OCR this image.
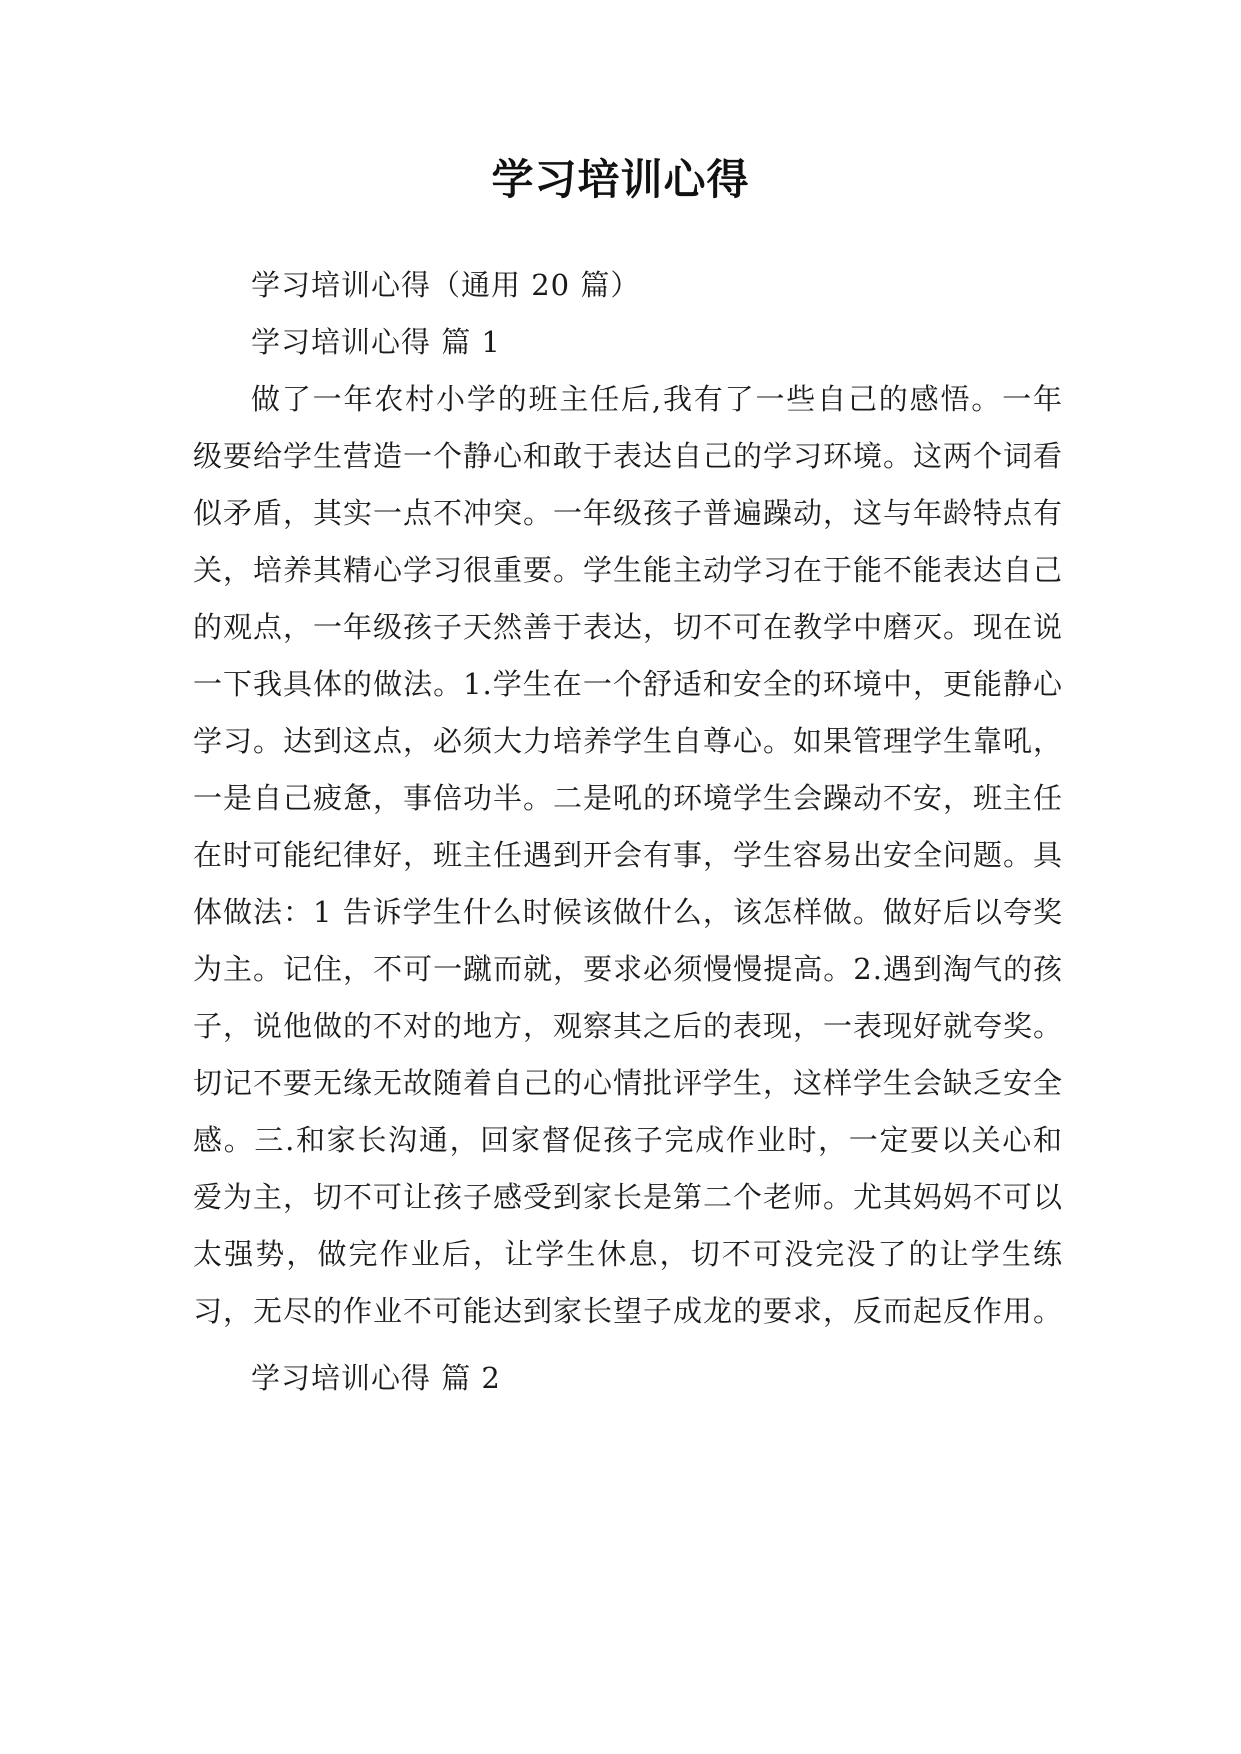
学习培训心得

学习培训心得（通用 20 篇）

学习培训心得 篇 1

做了一年农村小学的班主任后,我有了一些自己的感悟。一年级要给学生营造一个静心和敢于表达自己的学习环境。这两个词看似矛盾，其实一点不冲突。一年级孩子普遍躁动，这与年龄特点有关，培养其精心学习很重要。学生能主动学习在于能不能表达自己的观点，一年级孩子天然善于表达，切不可在教学中磨灭。现在说一下我具体的做法。1.学生在一个舒适和安全的环境中，更能静心学习。达到这点，必须大力培养学生自尊心。如果管理学生靠吼，一是自己疲惫，事倍功半。二是吼的环境学生会躁动不安，班主任在时可能纪律好，班主任遇到开会有事，学生容易出安全问题。具体做法：1 告诉学生什么时候该做什么，该怎样做。做好后以夸奖为主。记住，不可一蹴而就，要求必须慢慢提高。2.遇到淘气的孩子，说他做的不对的地方，观察其之后的表现，一表现好就夸奖。切记不要无缘无故随着自己的心情批评学生，这样学生会缺乏安全感。三.和家长沟通，回家督促孩子完成作业时，一定要以关心和爱为主，切不可让孩子感受到家长是第二个老师。尤其妈妈不可以太强势，做完作业后，让学生休息，切不可没完没了的让学生练习，无尽的作业不可能达到家长望子成龙的要求，反而起反作用。

学习培训心得 篇 2
